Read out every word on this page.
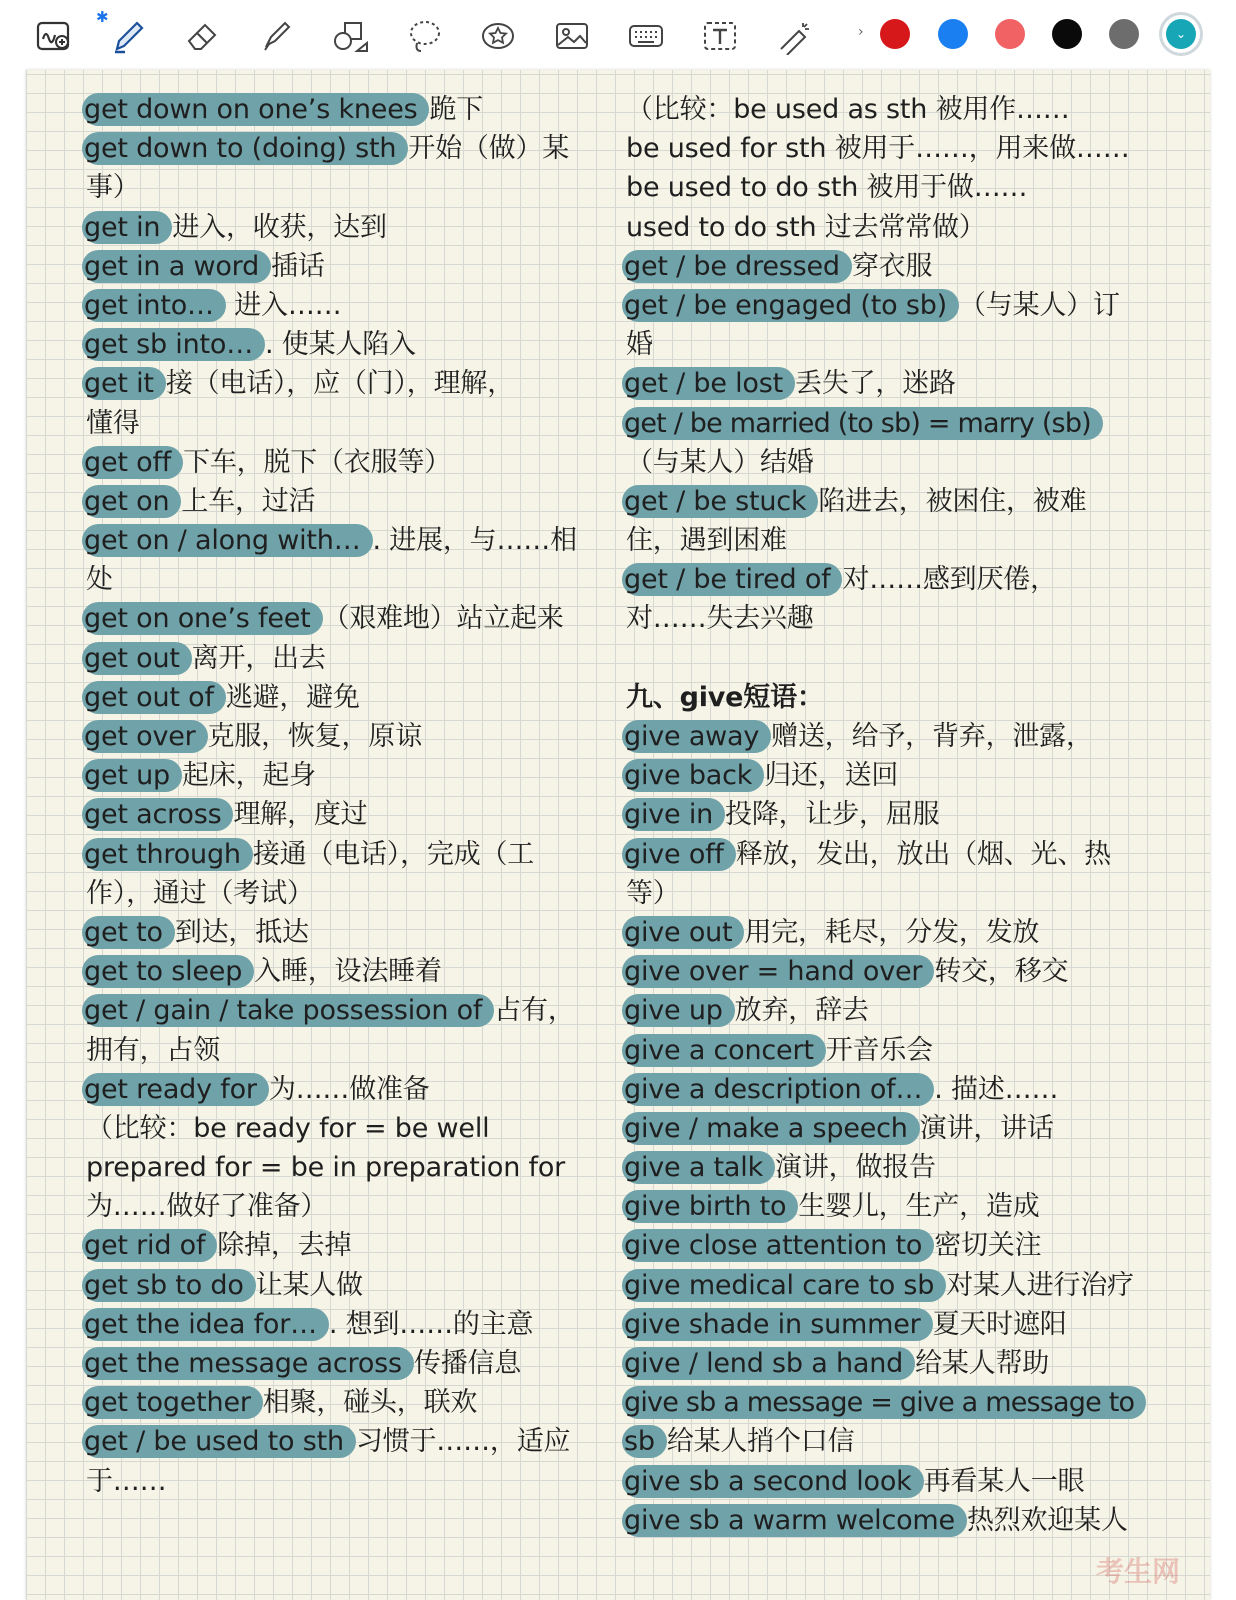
✱
›	⌄
get down on one’s knees 跪下
get down to (doing) sth 开始（做）某
事）
get in 进入，收获，达到
get in a word 插话
get into… 进入……
get sb into… . 使某人陷入
get it 接（电话），应（门），理解，
懂得
get off 下车，脱下（衣服等）
get on 上车，过活
get on / along with… . 进展，与……相
处
get on one’s feet （艰难地）站立起来
get out 离开，出去
get out of 逃避，避免
get over 克服，恢复，原谅
get up 起床，起身
get across 理解，度过
get through 接通（电话），完成（工
作），通过（考试）
get to 到达，抵达
get to sleep 入睡，设法睡着
get / gain / take possession of 占有，
拥有，占领
get ready for 为……做准备
（比较：be ready for = be well
prepared for = be in preparation for
为……做好了准备）
get rid of 除掉，去掉
get sb to do 让某人做
get the idea for… . 想到……的主意
get the message across 传播信息
get together 相聚，碰头，联欢
get / be used to sth 习惯于……，适应
于……
（比较：be used as sth 被用作……
be used for sth 被用于……，用来做……
be used to do sth 被用于做……
used to do sth 过去常常做）
get / be dressed 穿衣服
get / be engaged (to sb) （与某人）订
婚
get / be lost 丢失了，迷路
get / be married (to sb) = marry (sb)
（与某人）结婚
get / be stuck 陷进去，被困住，被难
住，遇到困难
get / be tired of 对……感到厌倦，
对……失去兴趣
九、give短语：
give away 赠送，给予，背弃，泄露，
give back 归还，送回
give in 投降，让步，屈服
give off 释放，发出，放出（烟、光、热
等）
give out 用完，耗尽，分发，发放
give over = hand over 转交，移交
give up 放弃，辞去
give a concert 开音乐会
give a description of… . 描述……
give / make a speech 演讲，讲话
give a talk 演讲，做报告
give birth to 生婴儿，生产，造成
give close attention to 密切关注
give medical care to sb 对某人进行治疗
give shade in summer 夏天时遮阳
give / lend sb a hand 给某人帮助
give sb a message = give a message to
sb 给某人捎个口信
give sb a second look 再看某人一眼
give sb a warm welcome 热烈欢迎某人
考生网
